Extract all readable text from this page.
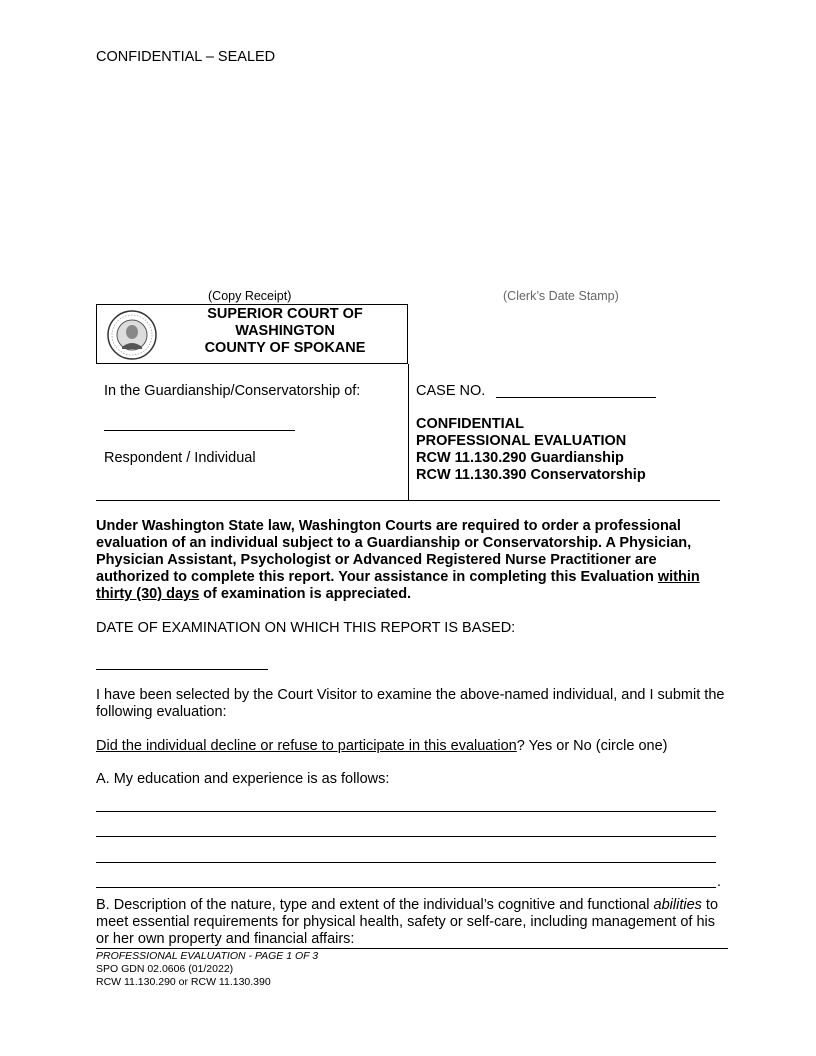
CONFIDENTIAL – SEALED
(Copy Receipt)	(Clerk’s Date Stamp)
SUPERIOR COURT OF
WASHINGTON
COUNTY OF SPOKANE
In the Guardianship/Conservatorship of:
Respondent / Individual
CASE NO.
CONFIDENTIAL
PROFESSIONAL EVALUATION
RCW 11.130.290 Guardianship
RCW 11.130.390 Conservatorship
Under Washington State law, Washington Courts are required to order a professional evaluation of an individual subject to a Guardianship or Conservatorship. A Physician, Physician Assistant, Psychologist or Advanced Registered Nurse Practitioner are authorized to complete this report. Your assistance in completing this Evaluation within thirty (30) days of examination is appreciated.
DATE OF EXAMINATION ON WHICH THIS REPORT IS BASED:
I have been selected by the Court Visitor to examine the above-named individual, and I submit the following evaluation:
Did the individual decline or refuse to participate in this evaluation? Yes or No (circle one)
A. My education and experience is as follows:
.
B. Description of the nature, type and extent of the individual’s cognitive and functional abilities to meet essential requirements for physical health, safety or self-care, including management of his or her own property and financial affairs:
PROFESSIONAL EVALUATION - PAGE 1 OF 3
SPO GDN 02.0606 (01/2022)
RCW 11.130.290 or RCW 11.130.390
